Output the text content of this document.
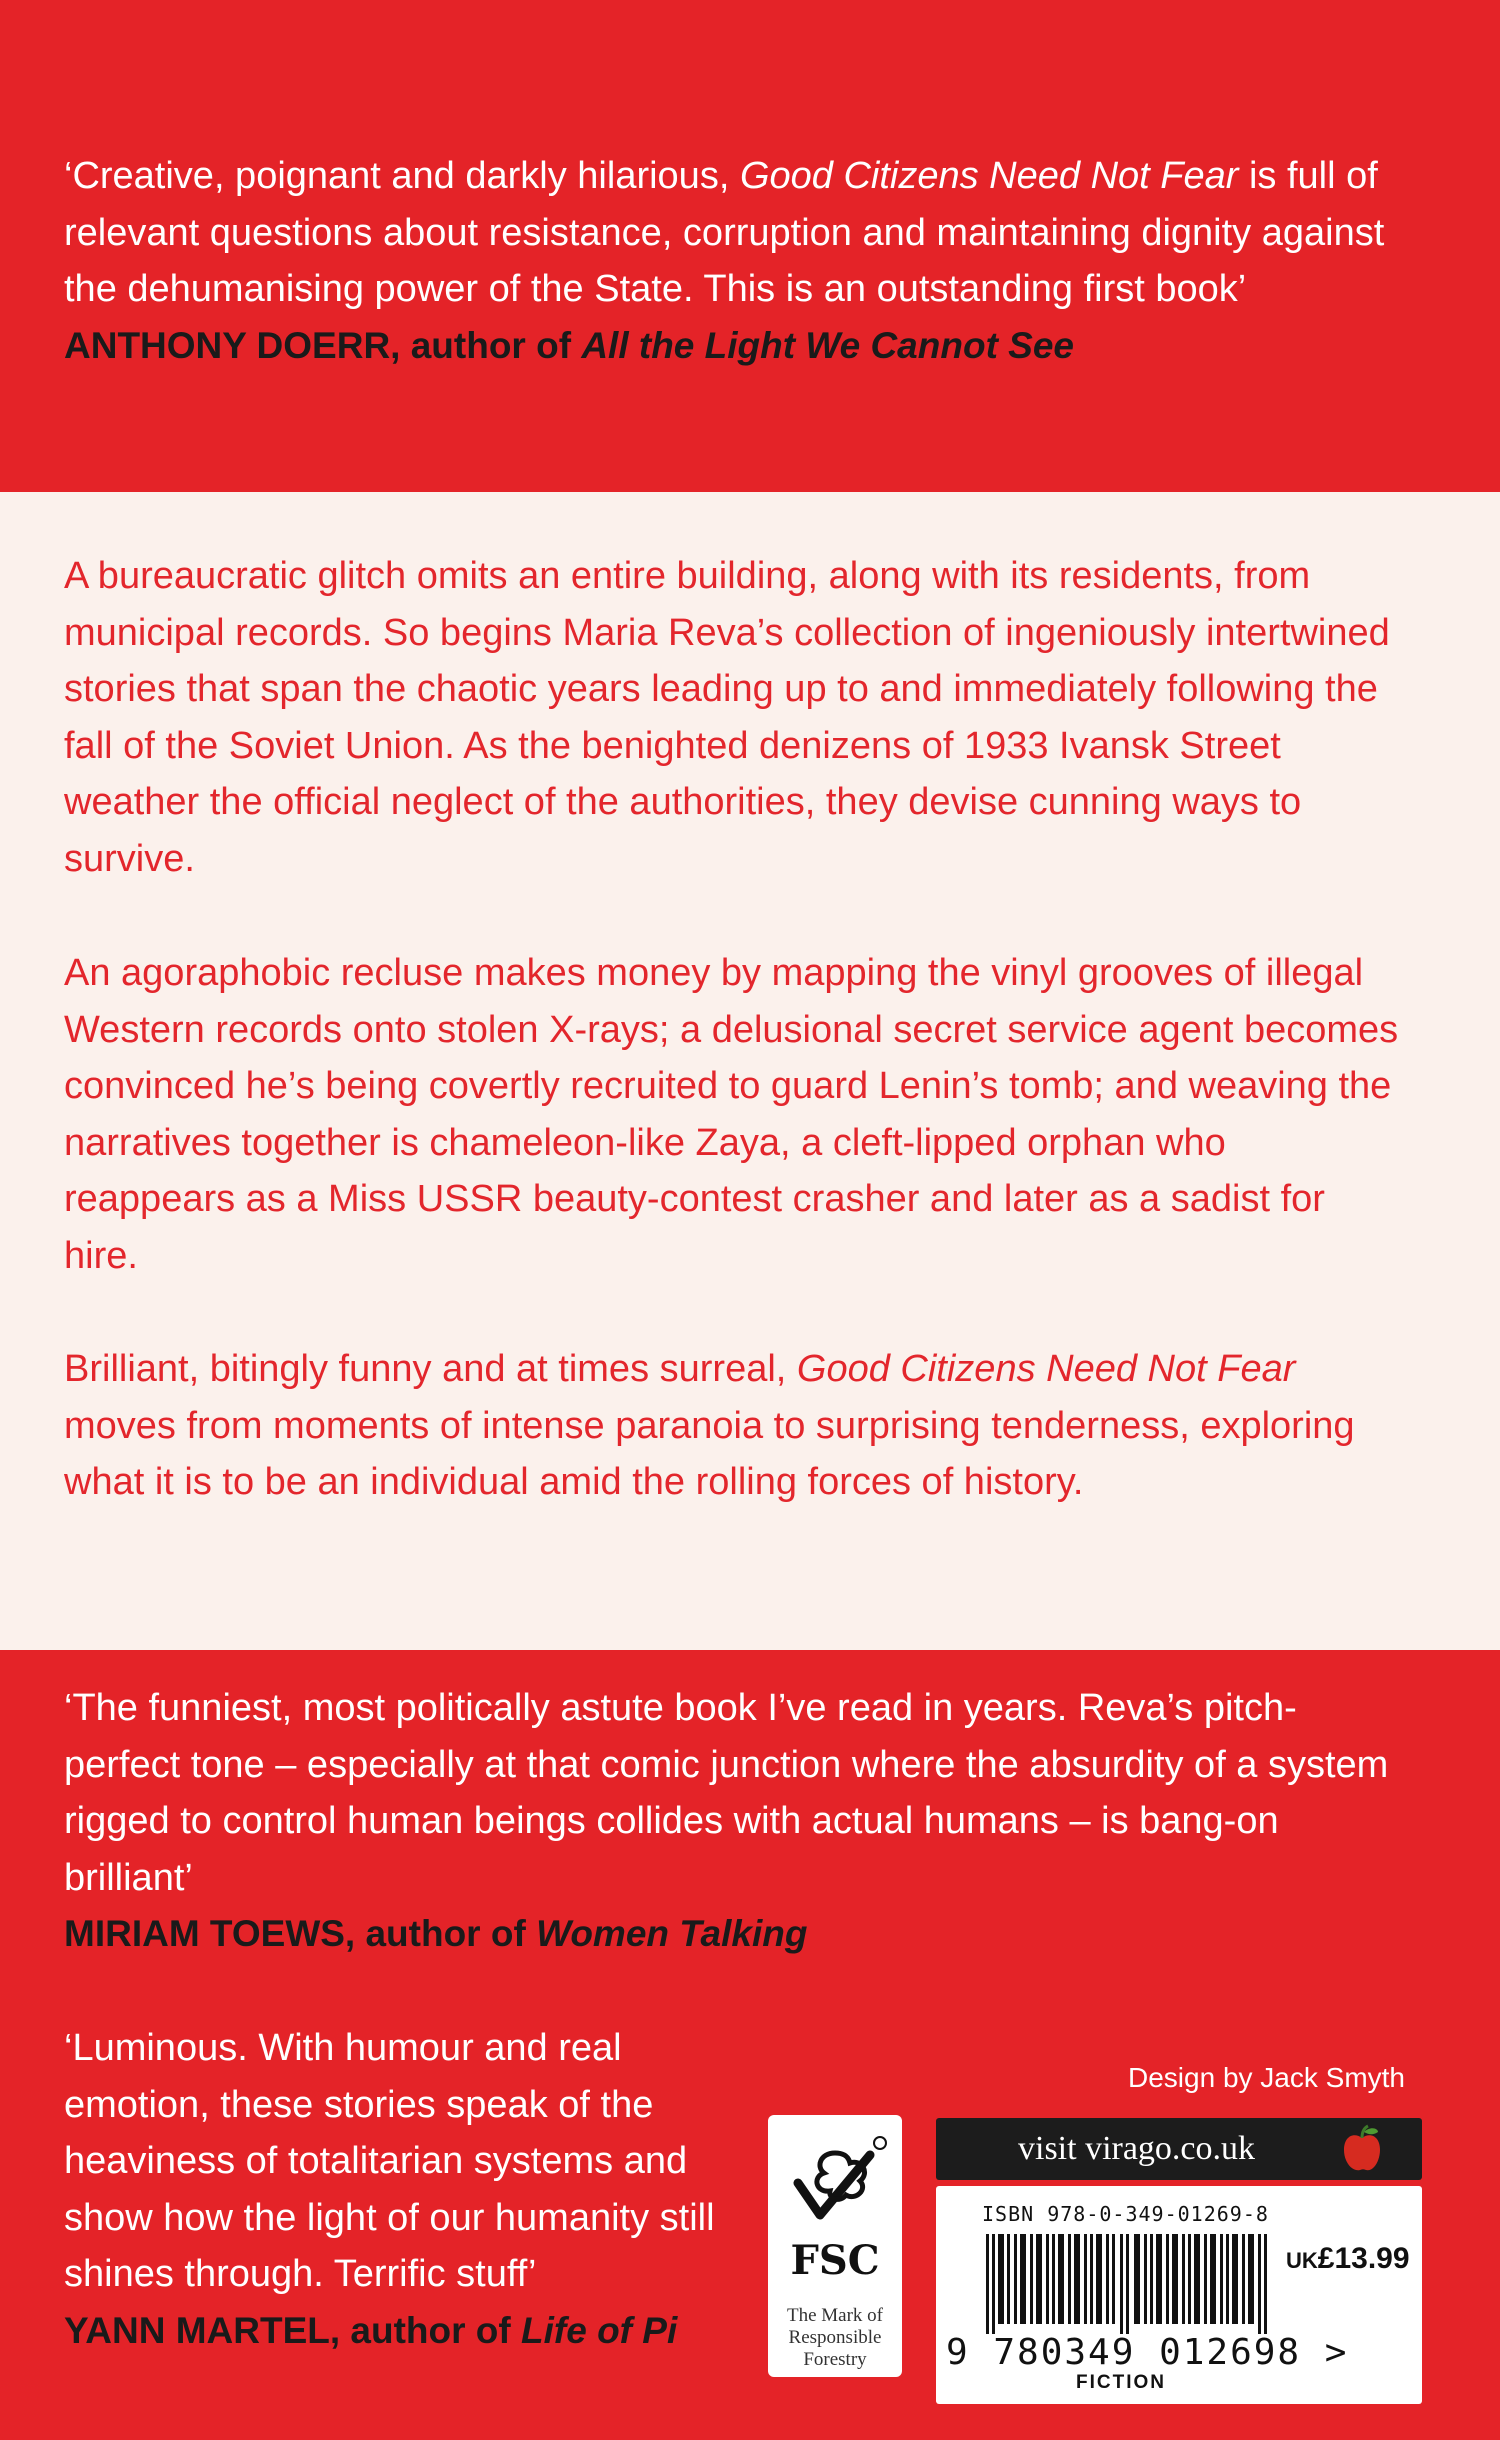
‘Creative, poignant and darkly hilarious, Good Citizens Need Not Fear is full of relevant questions about resistance, corruption and maintaining dignity against the dehumanising power of the State. This is an outstanding first book’
ANTHONY DOERR, author of All the Light We Cannot See

A bureaucratic glitch omits an entire building, along with its residents, from municipal records. So begins Maria Reva’s collection of ingeniously intertwined stories that span the chaotic years leading up to and immediately following the fall of the Soviet Union. As the benighted denizens of 1933 Ivansk Street weather the official neglect of the authorities, they devise cunning ways to survive.

An agoraphobic recluse makes money by mapping the vinyl grooves of illegal Western records onto stolen X-rays; a delusional secret service agent becomes convinced he’s being covertly recruited to guard Lenin’s tomb; and weaving the narratives together is chameleon-like Zaya, a cleft-lipped orphan who reappears as a Miss USSR beauty-contest crasher and later as a sadist for hire.

Brilliant, bitingly funny and at times surreal, Good Citizens Need Not Fear moves from moments of intense paranoia to surprising tenderness, exploring what it is to be an individual amid the rolling forces of history.

‘The funniest, most politically astute book I’ve read in years. Reva’s pitch-perfect tone – especially at that comic junction where the absurdity of a system rigged to control human beings collides with actual humans – is bang-on brilliant’
MIRIAM TOEWS, author of Women Talking
‘Luminous. With humour and real emotion, these stories speak of the heaviness of totalitarian systems and show how the light of our humanity still shines through. Terrific stuff’
YANN MARTEL, author of Life of Pi
Design by Jack Smyth
FSC
The Mark of Responsible Forestry
visit virago.co.uk
ISBN 978-0-349-01269-8
UK£13.99
9 780349 012698 >
FICTION
